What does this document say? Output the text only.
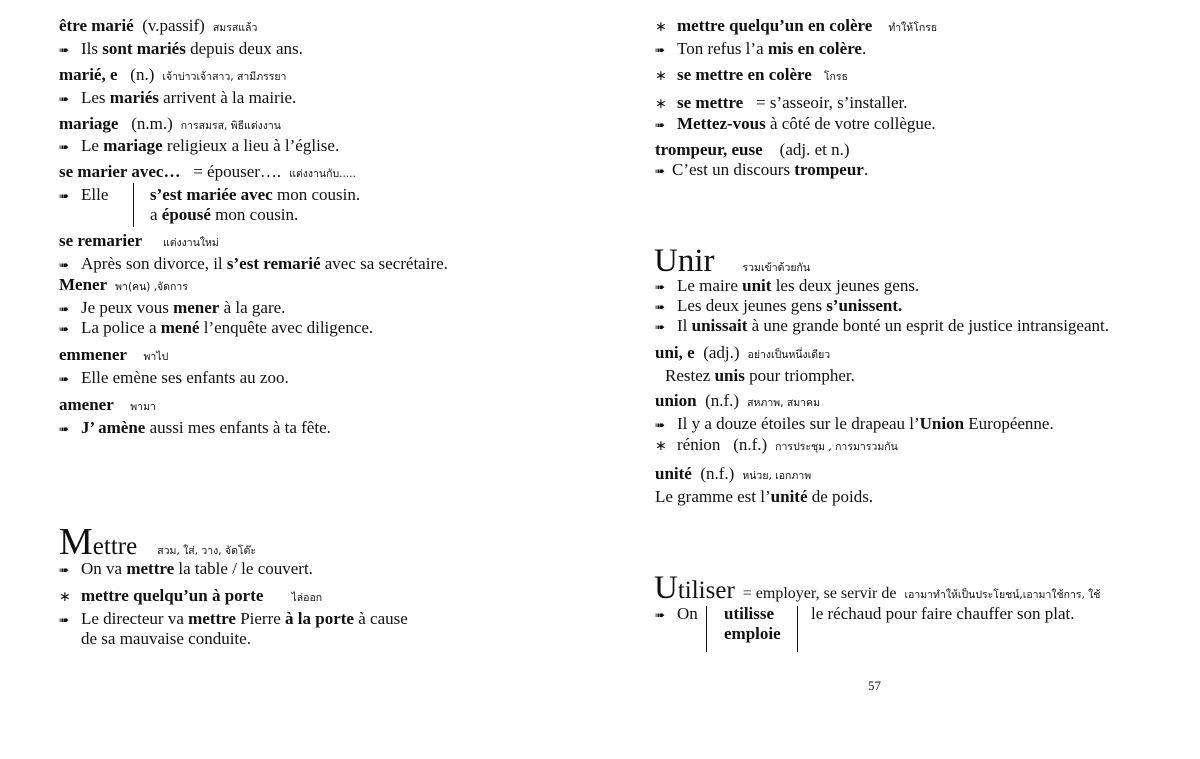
être marié (v.passif) สมรสแล้ว
➠ Ils sont mariés depuis deux ans.
marié, e (n.) เจ้าบ่าวเจ้าสาว, สามีภรรยา
➠ Les mariés arrivent à la mairie.
mariage (n.m.) การสมรส, พิธีแต่งงาน
➠ Le mariage religieux a lieu à l’église.
se marier avec…   = épouser…. แต่งงานกับ.....
➠ Elle s’est mariée avec mon cousin.
a épousé mon cousin.
se remarier แต่งงานใหม่
➠ Après son divorce, il s’est remarié avec sa secrétaire.
Mener พา(คน) ,จัดการ
➠ Je peux vous mener à la gare.
➠ La police a mené l’enquête avec diligence.
emmener พาไป
➠ Elle emène ses enfants au zoo.
amener พามา
➠ J’ amène aussi mes enfants à ta fête.
Mettre สวม, ใส่, วาง, จัดโต๊ะ
➠ On va mettre la table / le couvert.
∗ mettre quelqu’un à porte	ไล่ออก
➠ Le directeur va mettre Pierre à la porte à cause
de sa mauvaise conduite.
∗ mettre quelqu’un en colère ทำให้โกรธ
➠ Ton refus l’a mis en colère.
∗ se mettre en colère โกรธ
∗ se mettre = s’asseoir, s’installer.
➠ Mettez-vous à côté de votre collègue.
trompeur, euse (adj. et n.)
➠ C’est un discours trompeur.
Unir	รวมเข้าด้วยกัน
➠ Le maire unit les deux jeunes gens.
➠ Les deux jeunes gens s’unissent.
➠ Il unissait à une grande bonté un esprit de justice intransigeant.
uni, e (adj.) อย่างเป็นหนึ่งเดียว
Restez unis pour triompher.
union (n.f.) สหภาพ, สมาคม
➠ Il y a douze étoiles sur le drapeau l’Union Européenne.
∗ rénion (n.f.) การประชุม , การมารวมกัน
unité (n.f.) หน่วย, เอกภาพ
Le gramme est l’unité de poids.
Utiliser = employer, se servir de เอามาทำให้เป็นประโยชน์,เอามาใช้การ, ใช้
➠ On utilisse
emploie
le réchaud pour faire chauffer son plat.
57
